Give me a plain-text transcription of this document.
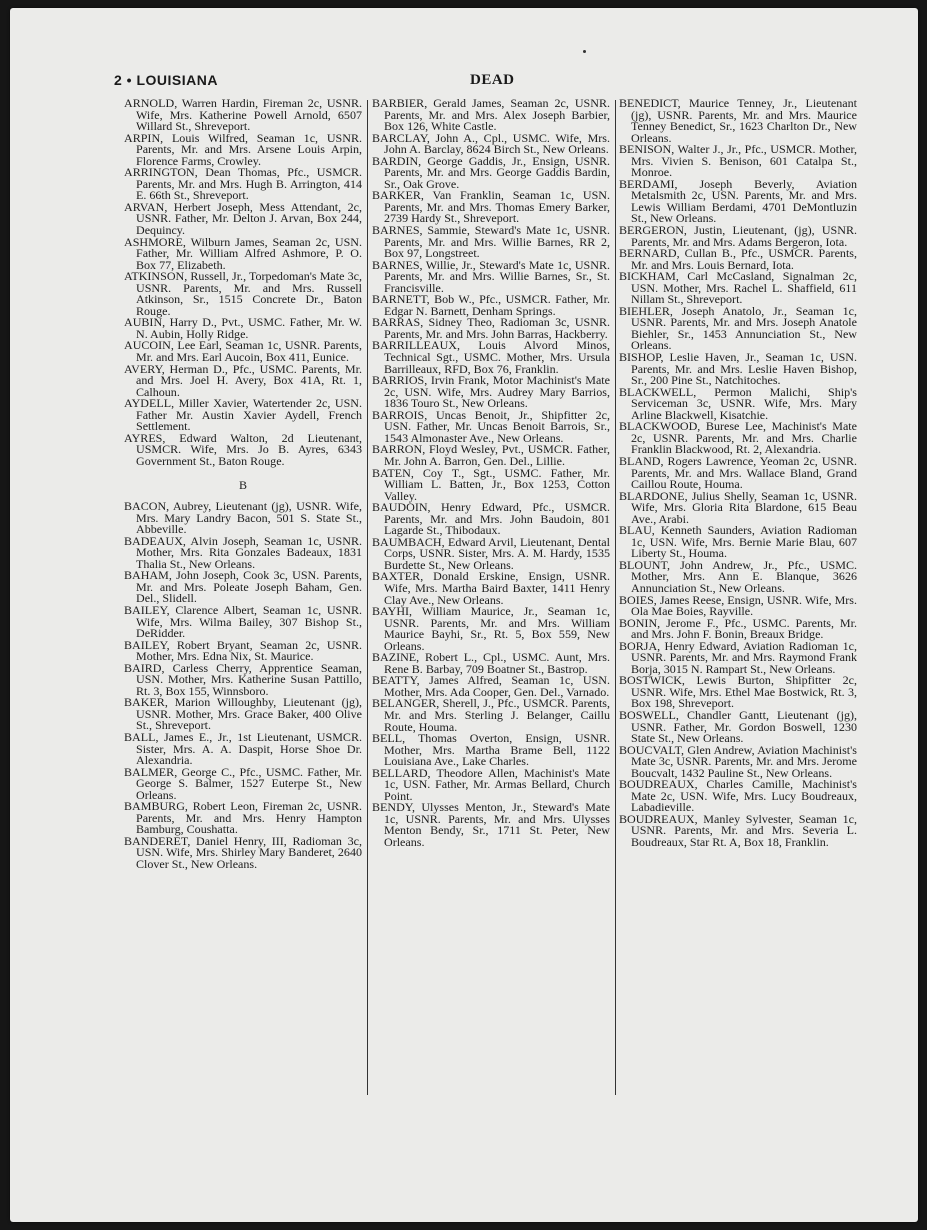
2 • LOUISIANA	DEAD

ARNOLD, Warren Hardin, Fireman 2c, USNR. Wife, Mrs. Katherine Powell Arnold, 6507 Willard St., Shreveport.

ARPIN, Louis Wilfred, Seaman 1c, USNR. Parents, Mr. and Mrs. Arsene Louis Arpin, Florence Farms, Crowley.

ARRINGTON, Dean Thomas, Pfc., USMCR. Parents, Mr. and Mrs. Hugh B. Arrington, 414 E. 66th St., Shreveport.

ARVAN, Herbert Joseph, Mess Attendant, 2c, USNR. Father, Mr. Delton J. Arvan, Box 244, Dequincy.

ASHMORE, Wilburn James, Seaman 2c, USN. Father, Mr. William Alfred Ashmore, P. O. Box 77, Elizabeth.

ATKINSON, Russell, Jr., Torpedoman's Mate 3c, USNR. Parents, Mr. and Mrs. Russell Atkinson, Sr., 1515 Concrete Dr., Baton Rouge.

AUBIN, Harry D., Pvt., USMC. Father, Mr. W. N. Aubin, Holly Ridge.

AUCOIN, Lee Earl, Seaman 1c, USNR. Parents, Mr. and Mrs. Earl Aucoin, Box 411, Eunice.

AVERY, Herman D., Pfc., USMC. Parents, Mr. and Mrs. Joel H. Avery, Box 41A, Rt. 1, Calhoun.

AYDELL, Miller Xavier, Watertender 2c, USN. Father Mr. Austin Xavier Aydell, French Settlement.

AYRES, Edward Walton, 2d Lieutenant, USMCR. Wife, Mrs. Jo B. Ayres, 6343 Government St., Baton Rouge.

B

BACON, Aubrey, Lieutenant (jg), USNR. Wife, Mrs. Mary Landry Bacon, 501 S. State St., Abbeville.

BADEAUX, Alvin Joseph, Seaman 1c, USNR. Mother, Mrs. Rita Gonzales Badeaux, 1831 Thalia St., New Orleans.

BAHAM, John Joseph, Cook 3c, USN. Parents, Mr. and Mrs. Poleate Joseph Baham, Gen. Del., Slidell.

BAILEY, Clarence Albert, Seaman 1c, USNR. Wife, Mrs. Wilma Bailey, 307 Bishop St., DeRidder.

BAILEY, Robert Bryant, Seaman 2c, USNR. Mother, Mrs. Edna Nix, St. Maurice.

BAIRD, Carless Cherry, Apprentice Seaman, USN. Mother, Mrs. Katherine Susan Pattillo, Rt. 3, Box 155, Winnsboro.

BAKER, Marion Willoughby, Lieutenant (jg), USNR. Mother, Mrs. Grace Baker, 400 Olive St., Shreveport.

BALL, James E., Jr., 1st Lieutenant, USMCR. Sister, Mrs. A. A. Daspit, Horse Shoe Dr. Alexandria.

BALMER, George C., Pfc., USMC. Father, Mr. George S. Balmer, 1527 Euterpe St., New Orleans.

BAMBURG, Robert Leon, Fireman 2c, USNR. Parents, Mr. and Mrs. Henry Hampton Bamburg, Coushatta.

BANDERET, Daniel Henry, III, Radioman 3c, USN. Wife, Mrs. Shirley Mary Banderet, 2640 Clover St., New Orleans.

BARBIER, Gerald James, Seaman 2c, USNR. Parents, Mr. and Mrs. Alex Joseph Barbier, Box 126, White Castle.

BARCLAY, John A., Cpl., USMC. Wife, Mrs. John A. Barclay, 8624 Birch St., New Orleans.

BARDIN, George Gaddis, Jr., Ensign, USNR. Parents, Mr. and Mrs. George Gaddis Bardin, Sr., Oak Grove.

BARKER, Van Franklin, Seaman 1c, USN. Parents, Mr. and Mrs. Thomas Emery Barker, 2739 Hardy St., Shreveport.

BARNES, Sammie, Steward's Mate 1c, USNR. Parents, Mr. and Mrs. Willie Barnes, RR 2, Box 97, Longstreet.

BARNES, Willie, Jr., Steward's Mate 1c, USNR. Parents, Mr. and Mrs. Willie Barnes, Sr., St. Francisville.

BARNETT, Bob W., Pfc., USMCR. Father, Mr. Edgar N. Barnett, Denham Springs.

BARRAS, Sidney Theo, Radioman 3c, USNR. Parents, Mr. and Mrs. John Barras, Hackberry.

BARRILLEAUX, Louis Alvord Minos, Technical Sgt., USMC. Mother, Mrs. Ursula Barrilleaux, RFD, Box 76, Franklin.

BARRIOS, Irvin Frank, Motor Machinist's Mate 2c, USN. Wife, Mrs. Audrey Mary Barrios, 1836 Touro St., New Orleans.

BARROIS, Uncas Benoit, Jr., Shipfitter 2c, USN. Father, Mr. Uncas Benoit Barrois, Sr., 1543 Almonaster Ave., New Orleans.

BARRON, Floyd Wesley, Pvt., USMCR. Father, Mr. John A. Barron, Gen. Del., Lillie.

BATEN, Coy T., Sgt., USMC. Father, Mr. William L. Batten, Jr., Box 1253, Cotton Valley.

BAUDOIN, Henry Edward, Pfc., USMCR. Parents, Mr. and Mrs. John Baudoin, 801 Lagarde St., Thibodaux.

BAUMBACH, Edward Arvil, Lieutenant, Dental Corps, USNR. Sister, Mrs. A. M. Hardy, 1535 Burdette St., New Orleans.

BAXTER, Donald Erskine, Ensign, USNR. Wife, Mrs. Martha Baird Baxter, 1411 Henry Clay Ave., New Orleans.

BAYHI, William Maurice, Jr., Seaman 1c, USNR. Parents, Mr. and Mrs. William Maurice Bayhi, Sr., Rt. 5, Box 559, New Orleans.

BAZINE, Robert L., Cpl., USMC. Aunt, Mrs. Rene B. Barbay, 709 Boatner St., Bastrop.

BEATTY, James Alfred, Seaman 1c, USN. Mother, Mrs. Ada Cooper, Gen. Del., Varnado.

BELANGER, Sherell, J., Pfc., USMCR. Parents, Mr. and Mrs. Sterling J. Belanger, Caillu Route, Houma.

BELL, Thomas Overton, Ensign, USNR. Mother, Mrs. Martha Brame Bell, 1122 Louisiana Ave., Lake Charles.

BELLARD, Theodore Allen, Machinist's Mate 1c, USN. Father, Mr. Armas Bellard, Church Point.

BENDY, Ulysses Menton, Jr., Steward's Mate 1c, USNR. Parents, Mr. and Mrs. Ulysses Menton Bendy, Sr., 1711 St. Peter, New Orleans.

BENEDICT, Maurice Tenney, Jr., Lieutenant (jg), USNR. Parents, Mr. and Mrs. Maurice Tenney Benedict, Sr., 1623 Charlton Dr., New Orleans.

BENISON, Walter J., Jr., Pfc., USMCR. Mother, Mrs. Vivien S. Benison, 601 Catalpa St., Monroe.

BERDAMI, Joseph Beverly, Aviation Metalsmith 2c, USN. Parents, Mr. and Mrs. Lewis William Berdami, 4701 DeMontluzin St., New Orleans.

BERGERON, Justin, Lieutenant, (jg), USNR. Parents, Mr. and Mrs. Adams Bergeron, Iota.

BERNARD, Cullan B., Pfc., USMCR. Parents, Mr. and Mrs. Louis Bernard, Iota.

BICKHAM, Carl McCasland, Signalman 2c, USN. Mother, Mrs. Rachel L. Shaffield, 611 Nillam St., Shreveport.

BIEHLER, Joseph Anatolo, Jr., Seaman 1c, USNR. Parents, Mr. and Mrs. Joseph Anatole Biehler, Sr., 1453 Annunciation St., New Orleans.

BISHOP, Leslie Haven, Jr., Seaman 1c, USN. Parents, Mr. and Mrs. Leslie Haven Bishop, Sr., 200 Pine St., Natchitoches.

BLACKWELL, Permon Malichi, Ship's Serviceman 3c, USNR. Wife, Mrs. Mary Arline Blackwell, Kisatchie.

BLACKWOOD, Burese Lee, Machinist's Mate 2c, USNR. Parents, Mr. and Mrs. Charlie Franklin Blackwood, Rt. 2, Alexandria.

BLAND, Rogers Lawrence, Yeoman 2c, USNR. Parents, Mr. and Mrs. Wallace Bland, Grand Caillou Route, Houma.

BLARDONE, Julius Shelly, Seaman 1c, USNR. Wife, Mrs. Gloria Rita Blardone, 615 Beau Ave., Arabi.

BLAU, Kenneth Saunders, Aviation Radioman 1c, USN. Wife, Mrs. Bernie Marie Blau, 607 Liberty St., Houma.

BLOUNT, John Andrew, Jr., Pfc., USMC. Mother, Mrs. Ann E. Blanque, 3626 Annunciation St., New Orleans.

BOIES, James Reese, Ensign, USNR. Wife, Mrs. Ola Mae Boies, Rayville.

BONIN, Jerome F., Pfc., USMC. Parents, Mr. and Mrs. John F. Bonin, Breaux Bridge.

BORJA, Henry Edward, Aviation Radioman 1c, USNR. Parents, Mr. and Mrs. Raymond Frank Borja, 3015 N. Rampart St., New Orleans.

BOSTWICK, Lewis Burton, Shipfitter 2c, USNR. Wife, Mrs. Ethel Mae Bostwick, Rt. 3, Box 198, Shreveport.

BOSWELL, Chandler Gantt, Lieutenant (jg), USNR. Father, Mr. Gordon Boswell, 1230 State St., New Orleans.

BOUCVALT, Glen Andrew, Aviation Machinist's Mate 3c, USNR. Parents, Mr. and Mrs. Jerome Boucvalt, 1432 Pauline St., New Orleans.

BOUDREAUX, Charles Camille, Machinist's Mate 2c, USN. Wife, Mrs. Lucy Boudreaux, Labadieville.

BOUDREAUX, Manley Sylvester, Seaman 1c, USNR. Parents, Mr. and Mrs. Severia L. Boudreaux, Star Rt. A, Box 18, Franklin.
